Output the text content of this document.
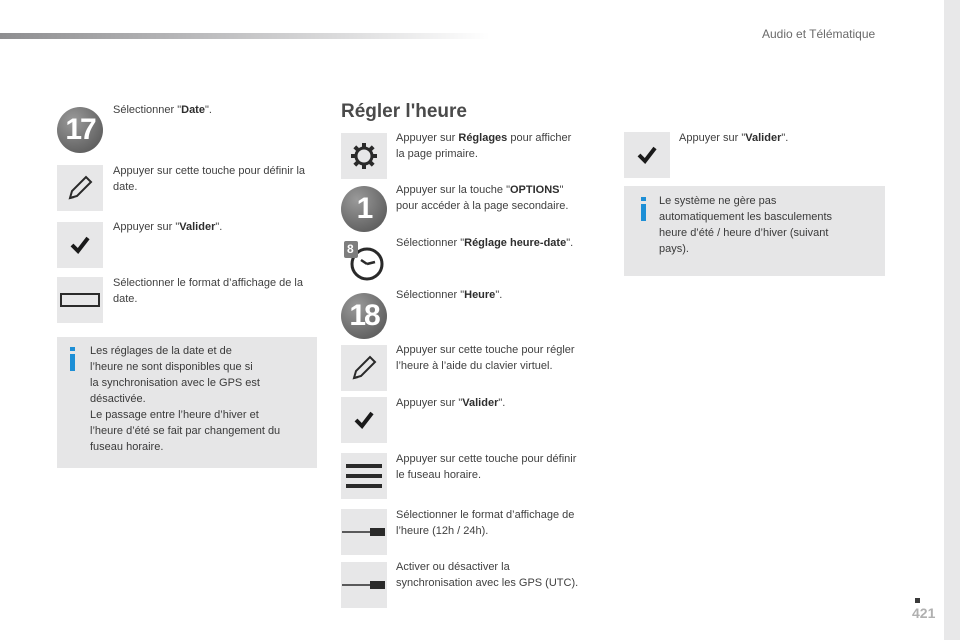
Audio et Télématique
17
Sélectionner "Date".
Appuyer sur cette touche pour définir la date.
Appuyer sur "Valider".
Sélectionner le format d’affichage de la date.
Les réglages de la date et de
l’heure ne sont disponibles que si
la synchronisation avec le GPS est
désactivée.
Le passage entre l’heure d’hiver et
l’heure d’été se fait par changement du
fuseau horaire.
Régler l'heure
Appuyer sur Réglages pour afficher
la page primaire.
1
Appuyer sur la touche "OPTIONS"
pour accéder à la page secondaire.
8	Sélectionner "Réglage heure-date".
18
Sélectionner "Heure".
Appuyer sur cette touche pour régler
l’heure à l’aide du clavier virtuel.
Appuyer sur "Valider".
Appuyer sur cette touche pour définir
le fuseau horaire.
Sélectionner le format d’affichage de
l’heure (12h / 24h).
Activer ou désactiver la
synchronisation avec les GPS (UTC).
Appuyer sur "Valider".
Le système ne gère pas
automatiquement les basculements
heure d’été / heure d’hiver (suivant
pays).
421
